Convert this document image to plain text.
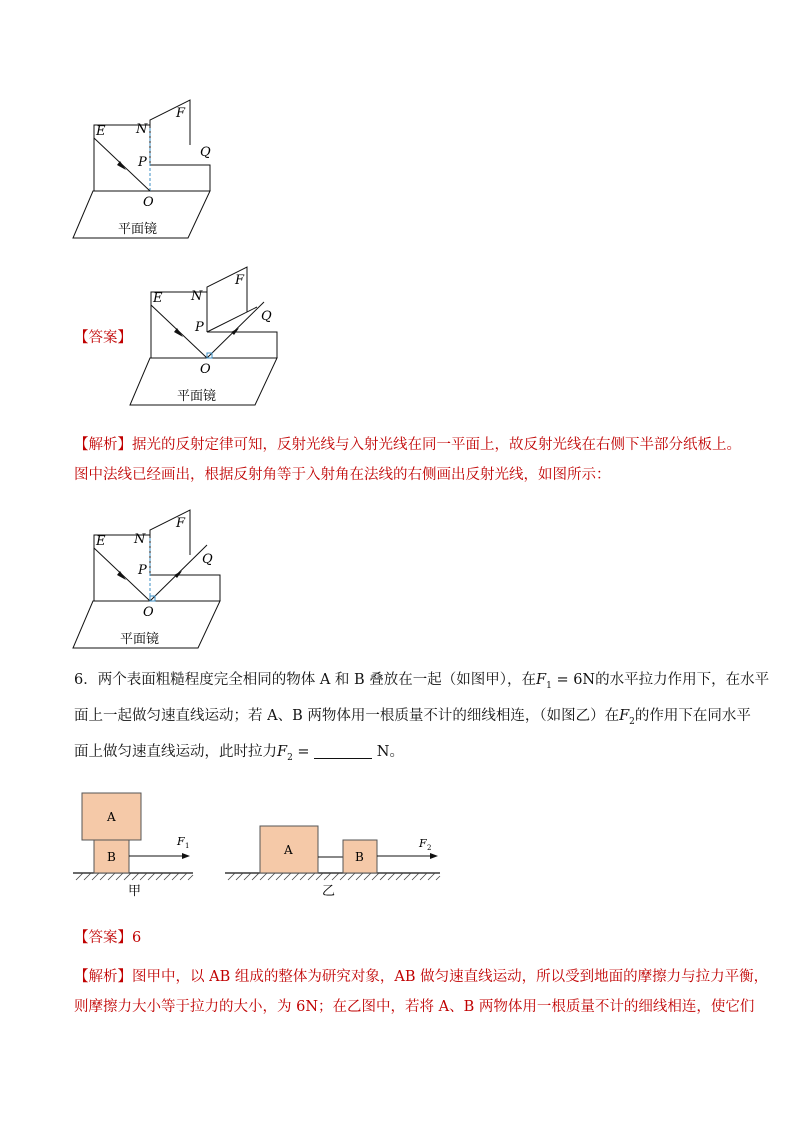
E N
F
P
Q
O
平面镜
【答案】
E N
F
P
Q
O
平面镜
【解析】据光的反射定律可知，反射光线与入射光线在同一平面上，故反射光线在右侧下半部分纸板上。
图中法线已经画出，根据反射角等于入射角在法线的右侧画出反射光线，如图所示：
E N
F
P
Q
O
平面镜
6．两个表面粗糙程度完全相同的物体 A 和 B 叠放在一起（如图甲），在$F_1 = 6N$的水平拉力作用下，在水平
面上一起做匀速直线运动；若 A、B 两物体用一根质量不计的细线相连，（如图乙）在$F_2$的作用下在同水平
面上做匀速直线运动，此时拉力$F_2$ =	N。
A
B
F 1
甲
A	B
F 2
乙
【答案】6
【解析】图甲中，以 AB 组成的整体为研究对象，AB 做匀速直线运动，所以受到地面的摩擦力与拉力平衡，
则摩擦力大小等于拉力的大小，为 6N；在乙图中，若将 A、B 两物体用一根质量不计的细线相连，使它们
